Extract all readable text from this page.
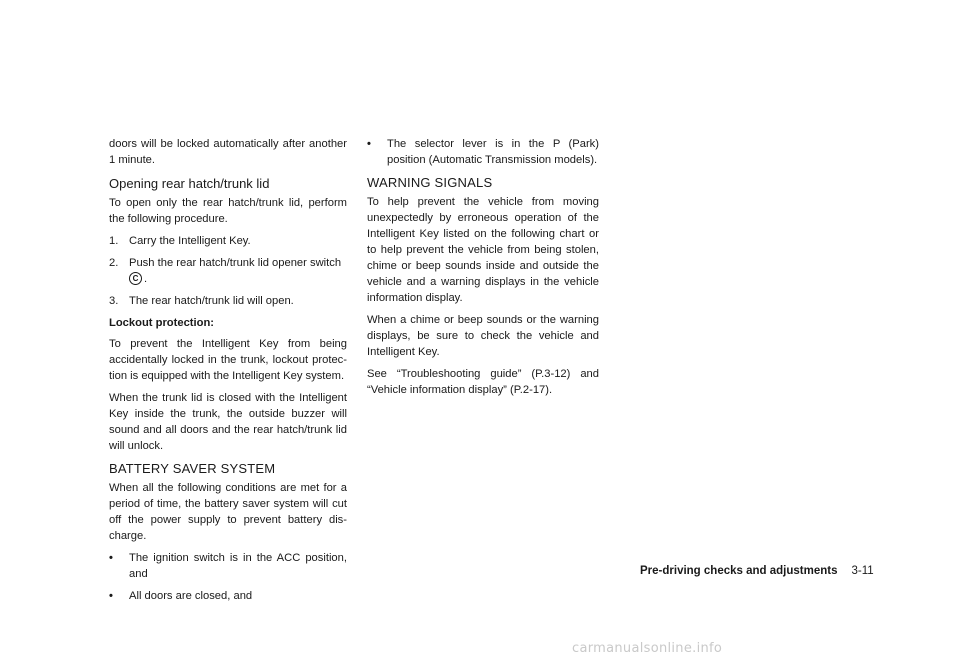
doors will be locked automatically after another 1 minute.

Opening rear hatch/trunk lid

To open only the rear hatch/trunk lid, perform the following procedure.

1. Carry the Intelligent Key.
2. Push the rear hatch/trunk lid opener switch
C .
3. The rear hatch/trunk lid will open.
Lockout protection:

To prevent the Intelligent Key from being accidentally locked in the trunk, lockout protec- tion is equipped with the Intelligent Key system.

When the trunk lid is closed with the Intelligent Key inside the trunk, the outside buzzer will sound and all doors and the rear hatch/trunk lid will unlock.

BATTERY SAVER SYSTEM

When all the following conditions are met for a period of time, the battery saver system will cut off the power supply to prevent battery dis- charge.

•	The ignition switch is in the ACC position, and
•	All doors are closed, and
•	The selector lever is in the P (Park) position (Automatic Transmission models).
WARNING SIGNALS

To help prevent the vehicle from moving unexpectedly by erroneous operation of the Intelligent Key listed on the following chart or to help prevent the vehicle from being stolen, chime or beep sounds inside and outside the vehicle and a warning displays in the vehicle information display.

When a chime or beep sounds or the warning displays, be sure to check the vehicle and Intelligent Key.

See “Troubleshooting guide” (P.3-12) and “Vehicle information display” (P.2-17).

Pre-driving checks and adjustments 3-11
carmanualsonline.info
